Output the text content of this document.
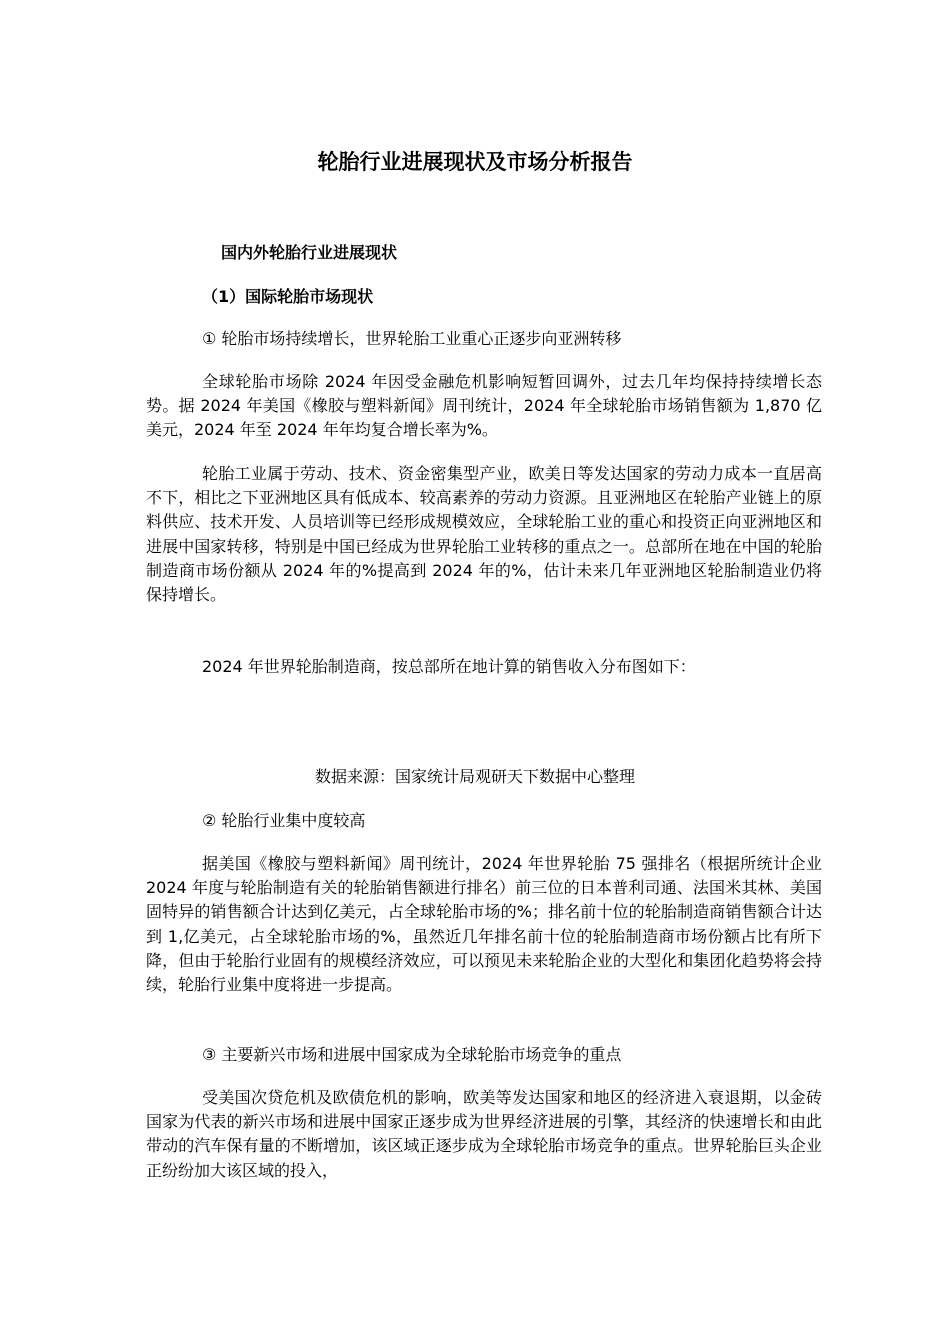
轮胎行业进展现状及市场分析报告
国内外轮胎行业进展现状
（1）国际轮胎市场现状

① 轮胎市场持续增长，世界轮胎工业重心正逐步向亚洲转移

全球轮胎市场除 2024 年因受金融危机影响短暂回调外，过去几年均保持持续增长态势。据 2024 年美国《橡胶与塑料新闻》周刊统计，2024 年全球轮胎市场销售额为 1,870 亿美元，2024 年至 2024 年年均复合增长率为%。

轮胎工业属于劳动、技术、资金密集型产业，欧美日等发达国家的劳动力成本一直居高不下，相比之下亚洲地区具有低成本、较高素养的劳动力资源。且亚洲地区在轮胎产业链上的原料供应、技术开发、人员培训等已经形成规模效应，全球轮胎工业的重心和投资正向亚洲地区和进展中国家转移，特别是中国已经成为世界轮胎工业转移的重点之一。总部所在地在中国的轮胎制造商市场份额从 2024 年的%提高到 2024 年的%，估计未来几年亚洲地区轮胎制造业仍将保持增长。

2024 年世界轮胎制造商，按总部所在地计算的销售收入分布图如下：

数据来源：国家统计局观研天下数据中心整理

② 轮胎行业集中度较高

据美国《橡胶与塑料新闻》周刊统计，2024 年世界轮胎 75 强排名（根据所统计企业 2024 年度与轮胎制造有关的轮胎销售额进行排名）前三位的日本普利司通、法国米其林、美国固特异的销售额合计达到亿美元，占全球轮胎市场的%；排名前十位的轮胎制造商销售额合计达到 1,亿美元，占全球轮胎市场的%，虽然近几年排名前十位的轮胎制造商市场份额占比有所下降，但由于轮胎行业固有的规模经济效应，可以预见未来轮胎企业的大型化和集团化趋势将会持续，轮胎行业集中度将进一步提高。

③ 主要新兴市场和进展中国家成为全球轮胎市场竞争的重点

受美国次贷危机及欧债危机的影响，欧美等发达国家和地区的经济进入衰退期，以金砖国家为代表的新兴市场和进展中国家正逐步成为世界经济进展的引擎，其经济的快速增长和由此带动的汽车保有量的不断增加，该区域正逐步成为全球轮胎市场竞争的重点。世界轮胎巨头企业正纷纷加大该区域的投入，
